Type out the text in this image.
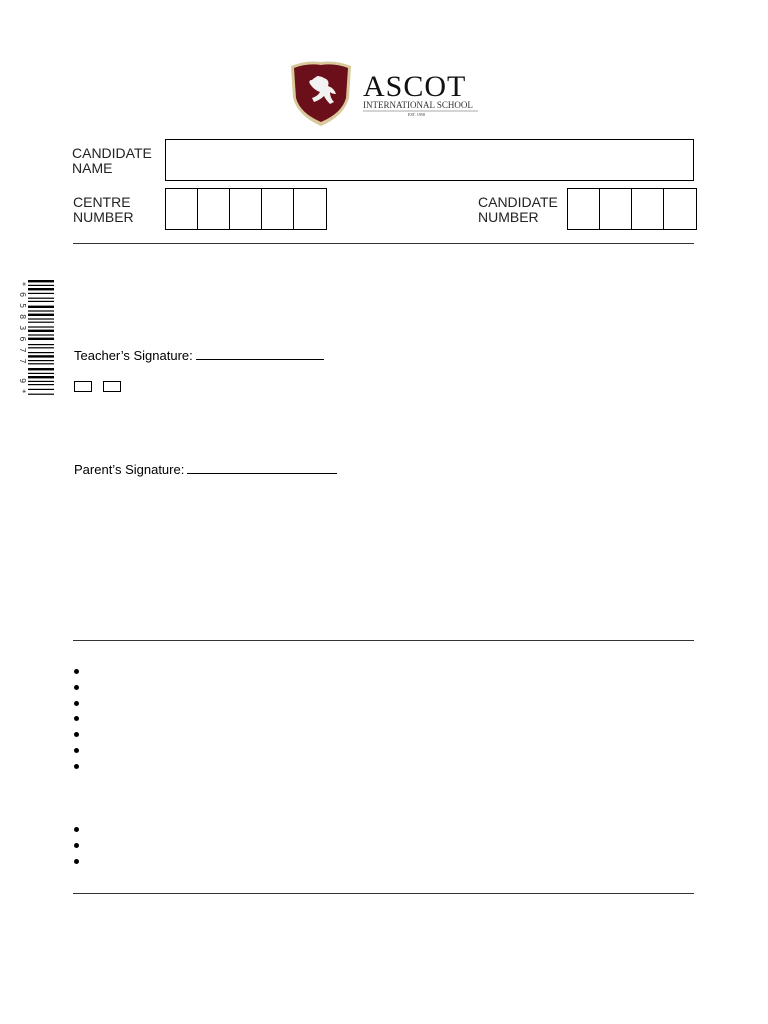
ASCOT
INTERNATIONAL SCHOOL
EST. 1958
CANDIDATE
NAME
CENTRE
NUMBER
CANDIDATE
NUMBER
*6583677 9*	Teacher’s Signature:
Parent’s Signature:
